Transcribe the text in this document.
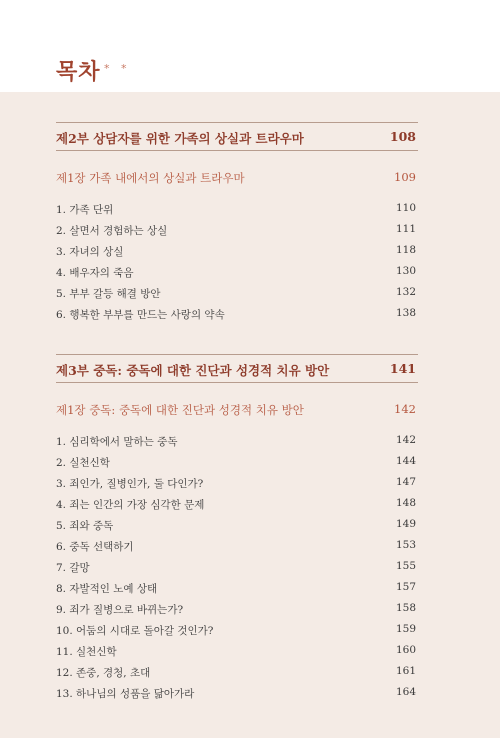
목차 * *
제2부 상담자를 위한 가족의 상실과 트라우마	108
제1장 가족 내에서의 상실과 트라우마	109
1. 가족 단위	110
2. 살면서 경험하는 상실	111
3. 자녀의 상실	118
4. 배우자의 죽음	130
5. 부부 갈등 해결 방안	132
6. 행복한 부부를 만드는 사랑의 약속	138
제3부 중독: 중독에 대한 진단과 성경적 치유 방안	141
제1장 중독: 중독에 대한 진단과 성경적 치유 방안	142
1. 심리학에서 말하는 중독	142
2. 실천신학	144
3. 죄인가, 질병인가, 둘 다인가?	147
4. 죄는 인간의 가장 심각한 문제	148
5. 죄와 중독	149
6. 중독 선택하기	153
7. 갈망	155
8. 자발적인 노예 상태	157
9. 죄가 질병으로 바뀌는가?	158
10. 어둠의 시대로 돌아갈 것인가?	159
11. 실천신학	160
12. 존중, 경청, 초대	161
13. 하나님의 성품을 닮아가라	164
